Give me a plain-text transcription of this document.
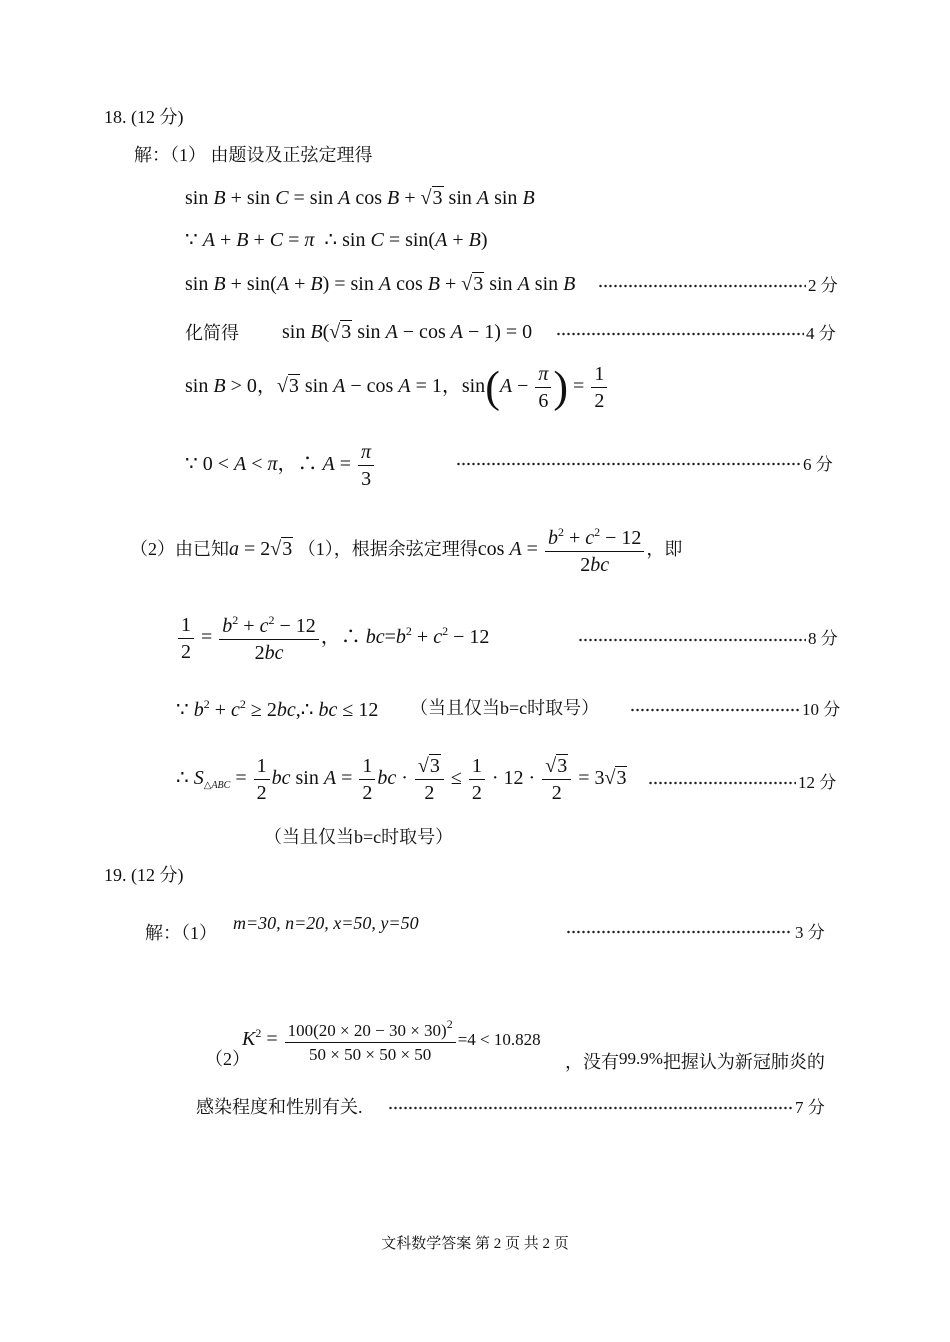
18. (12 分)
解：（1） 由题设及正弦定理得
sin B + sin C = sin A cos B + √3 sin A sin B
∵ A + B + C = π  ∴ sin C = sin(A + B)
sin B + sin(A + B) = sin A cos B + √3 sin A sin B	2 分
化简得 sin B(√3 sin A − cos A − 1) = 0	4 分
sin B > 0，√3 sin A − cos A = 1，$\sin(A - \frac{\pi}{6}$ ) = $\frac{1}{2}$
∵ 0 < A < π，∴ $A = \frac{\pi}{3}$	6 分
（2）由已知a = 2√3 （1），根据余弦定理得$\cos A = \frac{b^2 + c^2 - 12}{2bc}$ ，即
$\frac{1}{2} = \frac{b^2 + c^2 - 12}{2bc}$ ，∴ $bc=b^2 + c^2 - 12$	8 分
∵ $b^2 + c^2$ ≥ 2bc,∴ bc ≤ 12 （当且仅当b=c时取号）	10 分
∴ $S_{\triangle ABC} = \frac{1}{2}$ bc $\sin A = \frac{1}{2}$ bc · $\frac{√3}{2} \le \frac{1}{2} \cdot 12 \cdot \frac{√3}{2} = 3√3$	12 分
（当且仅当b=c时取号）
19. (12 分)
解：（1） m=30, n=20, x=50, y=50	3 分
（2）
$K^2 = \frac{100(20 \times 20 - 30 \times 30)^2}{50 \times 50 \times 50 \times 50} =4 < 10.828$
，没有99.9%把握认为新冠肺炎的
感染程度和性别有关.	7 分
文科数学答案 第 2 页 共 2 页
